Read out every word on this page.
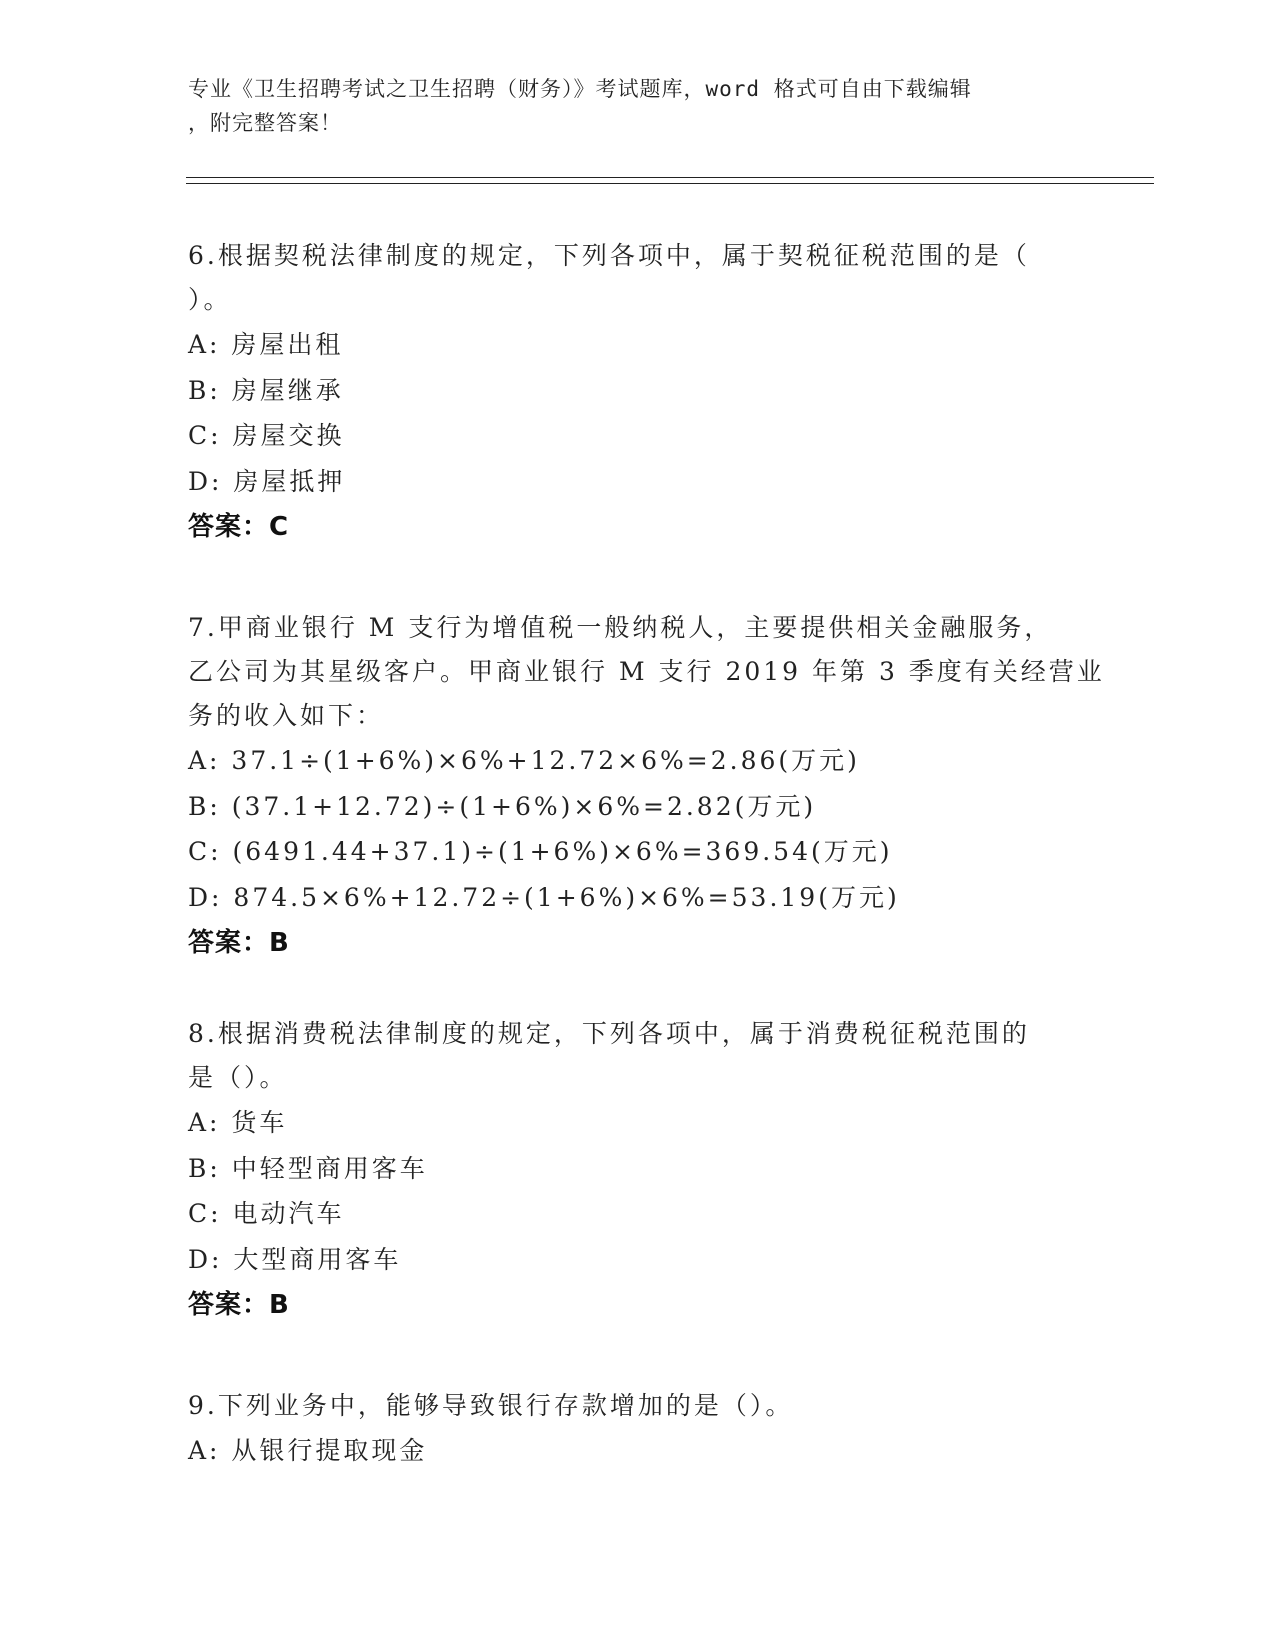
专业《卫生招聘考试之卫生招聘（财务）》考试题库，word 格式可自由下载编辑
，附完整答案！
6.根据契税法律制度的规定，下列各项中，属于契税征税范围的是（
）。
A: 房屋出租
B: 房屋继承
C: 房屋交换
D: 房屋抵押
答案：C
7.甲商业银行 M 支行为增值税一般纳税人，主要提供相关金融服务，
乙公司为其星级客户。甲商业银行 M 支行 2019 年第 3 季度有关经营业
务的收入如下：
A: 37.1÷(1+6%)×6%+12.72×6%=2.86(万元)
B: (37.1+12.72)÷(1+6%)×6%=2.82(万元)
C: (6491.44+37.1)÷(1+6%)×6%=369.54(万元)
D: 874.5×6%+12.72÷(1+6%)×6%=53.19(万元)
答案：B
8.根据消费税法律制度的规定，下列各项中，属于消费税征税范围的
是（）。
A: 货车
B: 中轻型商用客车
C: 电动汽车
D: 大型商用客车
答案：B
9.下列业务中，能够导致银行存款增加的是（）。
A: 从银行提取现金
